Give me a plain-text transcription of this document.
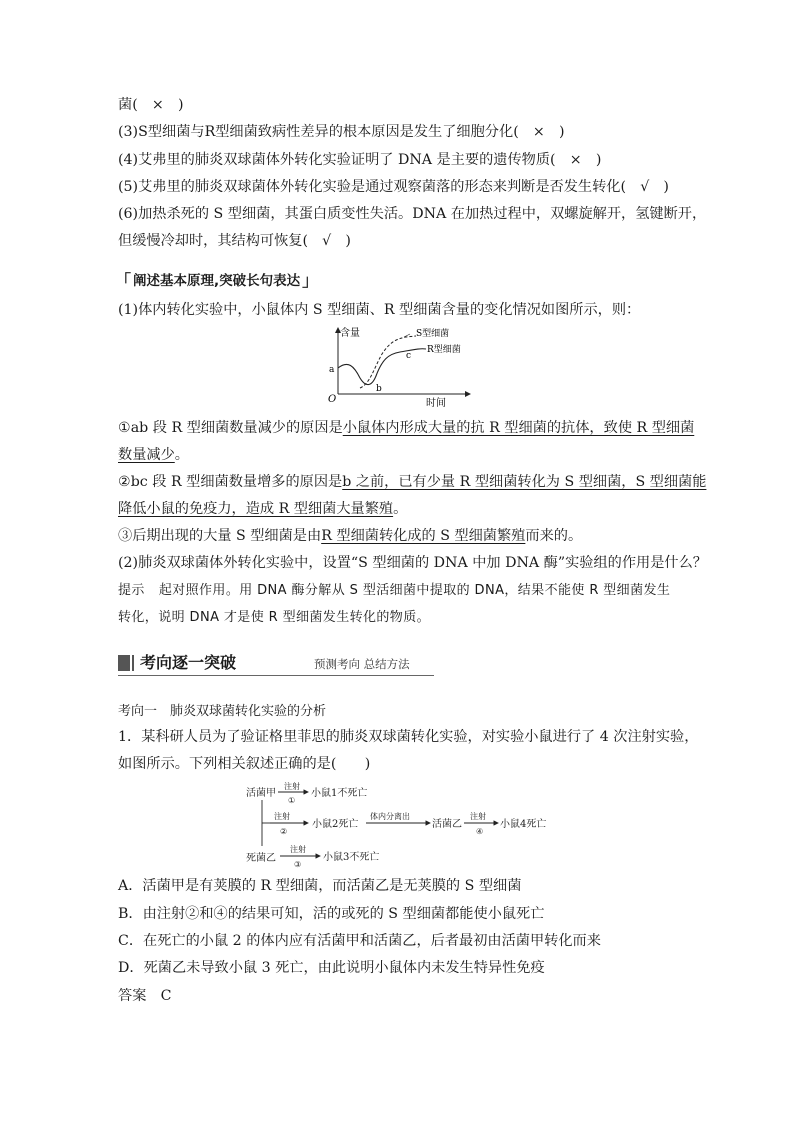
菌(　×　)
(3)S型细菌与R型细菌致病性差异的根本原因是发生了细胞分化(　×　)
(4)艾弗里的肺炎双球菌体外转化实验证明了 DNA 是主要的遗传物质(　×　)
(5)艾弗里的肺炎双球菌体外转化实验是通过观察菌落的形态来判断是否发生转化(　√　)
(6)加热杀死的 S 型细菌，其蛋白质变性失活。DNA 在加热过程中，双螺旋解开，氢键断开，
但缓慢冷却时，其结构可恢复(　√　)
「 阐述基本原理,突破长句表达 」
(1)体内转化实验中，小鼠体内 S 型细菌、R 型细菌含量的变化情况如图所示，则：
含量
时间
O
S型细菌
R型细菌
a
b
c
①ab 段 R 型细菌数量减少的原因是小鼠体内形成大量的抗 R 型细菌的抗体，致使 R 型细菌
数量减少。
②bc 段 R 型细菌数量增多的原因是b 之前，已有少量 R 型细菌转化为 S 型细菌，S 型细菌能
降低小鼠的免疫力，造成 R 型细菌大量繁殖。
③后期出现的大量 S 型细菌是由R 型细菌转化成的 S 型细菌繁殖而来的。
(2)肺炎双球菌体外转化实验中，设置“S 型细菌的 DNA 中加 DNA 酶”实验组的作用是什么？
提示 起对照作用。用 DNA 酶分解从 S 型活细菌中提取的 DNA，结果不能使 R 型细菌发生
转化，说明 DNA 才是使 R 型细菌发生转化的物质。
考向逐一突破	预测考向 总结方法
考向一　肺炎双球菌转化实验的分析
1．某科研人员为了验证格里菲思的肺炎双球菌转化实验，对实验小鼠进行了 4 次注射实验，
如图所示。下列相关叙述正确的是(　　)
活菌甲
注射
①
小鼠1不死亡
注射
②
小鼠2死亡
体内分离出
活菌乙
注射
④
小鼠4死亡
死菌乙
注射
③
小鼠3不死亡
A．活菌甲是有荚膜的 R 型细菌，而活菌乙是无荚膜的 S 型细菌
B．由注射②和④的结果可知，活的或死的 S 型细菌都能使小鼠死亡
C．在死亡的小鼠 2 的体内应有活菌甲和活菌乙，后者最初由活菌甲转化而来
D．死菌乙未导致小鼠 3 死亡，由此说明小鼠体内未发生特异性免疫
答案　C
